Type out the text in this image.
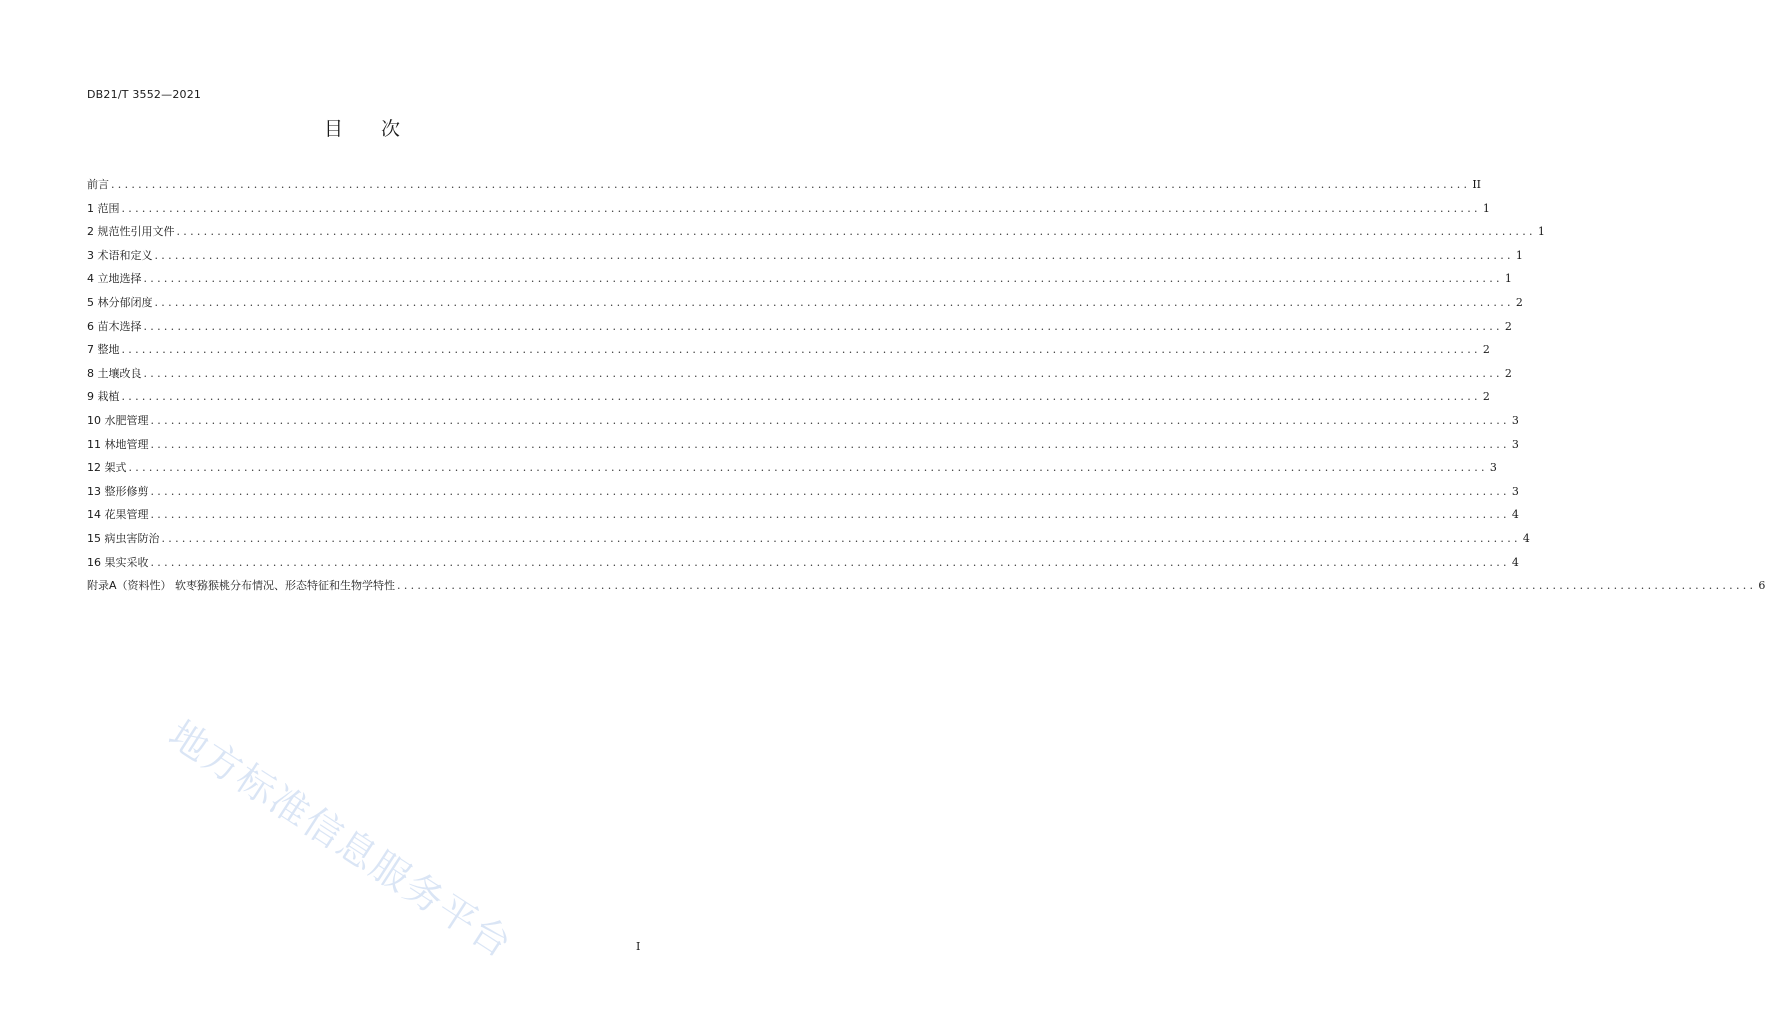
DB21/T 3552—2021
目 次
前言 ........................................................................................................................................................................................................ II
1 范围 ........................................................................................................................................................................................................ 1
2 规范性引用文件 ........................................................................................................................................................................................................ 1
3 术语和定义 ........................................................................................................................................................................................................ 1
4 立地选择 ........................................................................................................................................................................................................ 1
5 林分郁闭度 ........................................................................................................................................................................................................ 2
6 苗木选择 ........................................................................................................................................................................................................ 2
7 整地 ........................................................................................................................................................................................................ 2
8 土壤改良 ........................................................................................................................................................................................................ 2
9 栽植 ........................................................................................................................................................................................................ 2
10 水肥管理 ........................................................................................................................................................................................................ 3
11 林地管理 ........................................................................................................................................................................................................ 3
12 架式 ........................................................................................................................................................................................................ 3
13 整形修剪 ........................................................................................................................................................................................................ 3
14 花果管理 ........................................................................................................................................................................................................ 4
15 病虫害防治 ........................................................................................................................................................................................................ 4
16 果实采收 ........................................................................................................................................................................................................ 4
附录A（资料性） 软枣猕猴桃分布情况、形态特征和生物学特性 ........................................................................................................................................................................................................ 6
地方标准信息服务平台	I
